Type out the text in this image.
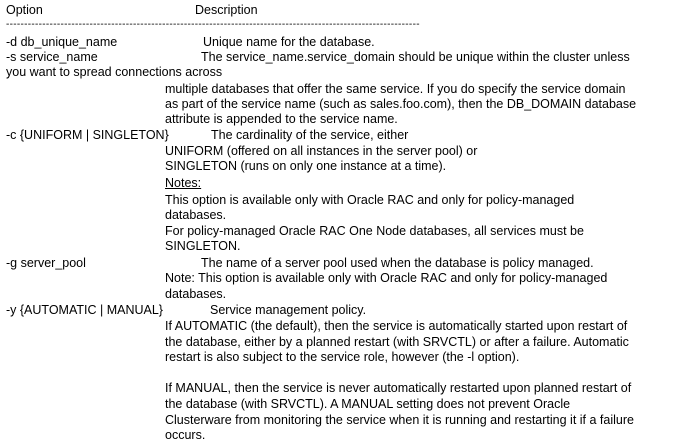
Option	Description
------------------------------------------------------------------------------------------------------------------
-d db_unique_name	Unique name for the database.
-s service_name	The service_name.service_domain should be unique within the cluster unless
you want to spread connections across
multiple databases that offer the same service. If you do specify the service domain
as part of the service name (such as sales.foo.com), then the DB_DOMAIN database
attribute is appended to the service name.
-c {UNIFORM | SINGLETON}	The cardinality of the service, either
UNIFORM (offered on all instances in the server pool) or
SINGLETON (runs on only one instance at a time).
Notes:
This option is available only with Oracle RAC and only for policy-managed
databases.
For policy-managed Oracle RAC One Node databases, all services must be
SINGLETON.
-g server_pool	The name of a server pool used when the database is policy managed.
Note: This option is available only with Oracle RAC and only for policy-managed
databases.
-y {AUTOMATIC | MANUAL}	Service management policy.
If AUTOMATIC (the default), then the service is automatically started upon restart of
the database, either by a planned restart (with SRVCTL) or after a failure. Automatic
restart is also subject to the service role, however (the -l option).
If MANUAL, then the service is never automatically restarted upon planned restart of
the database (with SRVCTL). A MANUAL setting does not prevent Oracle
Clusterware from monitoring the service when it is running and restarting it if a failure
occurs.
